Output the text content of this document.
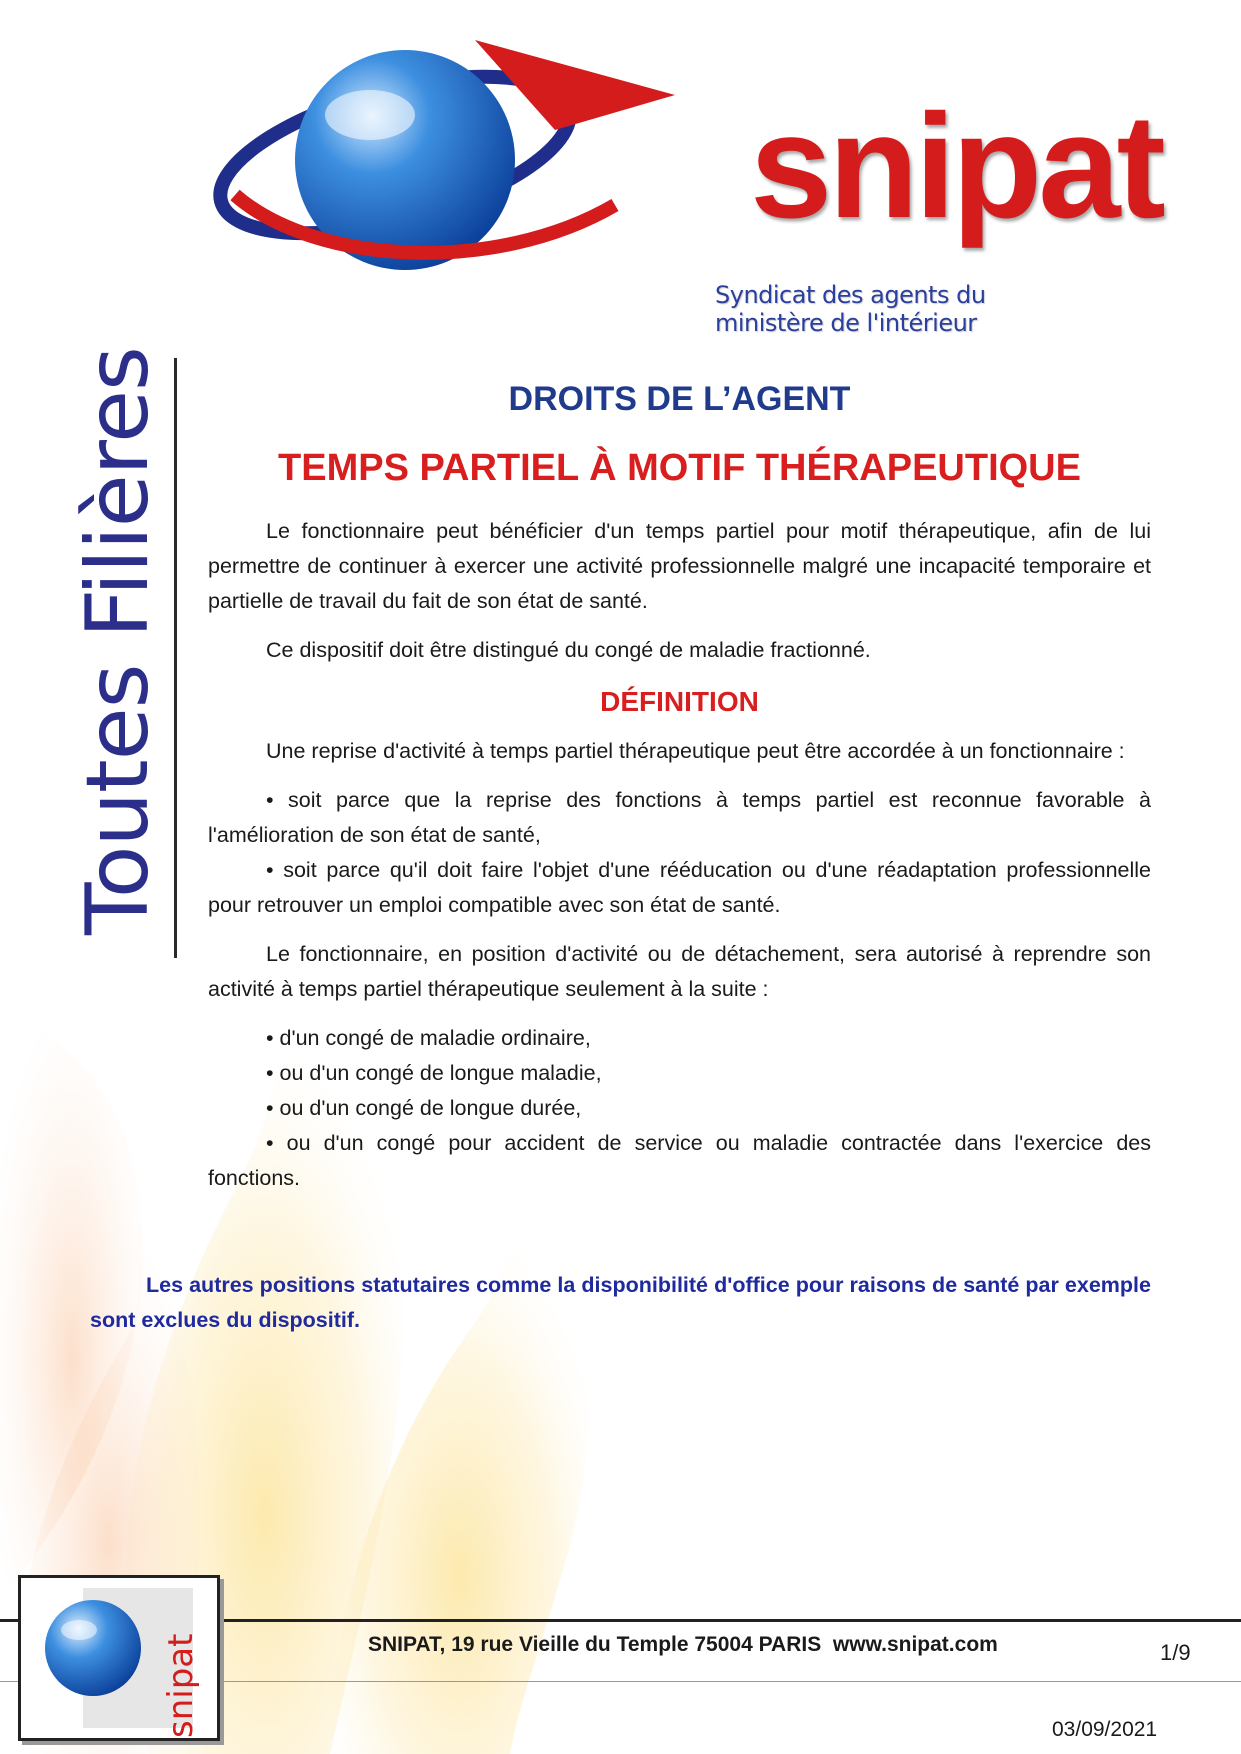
snipat
Syndicat des agents du ministère de l'intérieur
Toutes Filières	DROITS DE L’AGENT
TEMPS PARTIEL À MOTIF THÉRAPEUTIQUE

Le fonctionnaire peut bénéficier d'un temps partiel pour motif thérapeutique, afin de lui permettre de continuer à exercer une activité professionnelle malgré une incapacité temporaire et partielle de travail du fait de son état de santé.

Ce dispositif doit être distingué du congé de maladie fractionné.

DÉFINITION

Une reprise d'activité à temps partiel thérapeutique peut être accordée à un fonctionnaire :

• soit parce que la reprise des fonctions à temps partiel est reconnue favorable à l'amélioration de son état de santé,

• soit parce qu'il doit faire l'objet d'une rééducation ou d'une réadaptation professionnelle pour retrouver un emploi compatible avec son état de santé.

Le fonctionnaire, en position d'activité ou de détachement, sera autorisé à reprendre son activité à temps partiel thérapeutique seulement à la suite :

• d'un congé de maladie ordinaire,

• ou d'un congé de longue maladie,

• ou d'un congé de longue durée,

• ou d'un congé pour accident de service ou maladie contractée dans l'exercice des fonctions.

Les autres positions statutaires comme la disponibilité d'office pour raisons de santé par exemple sont exclues du dispositif.

snipat	SNIPAT, 19 rue Vieille du Temple 75004 PARIS  www.snipat.com	1/9
03/09/2021
